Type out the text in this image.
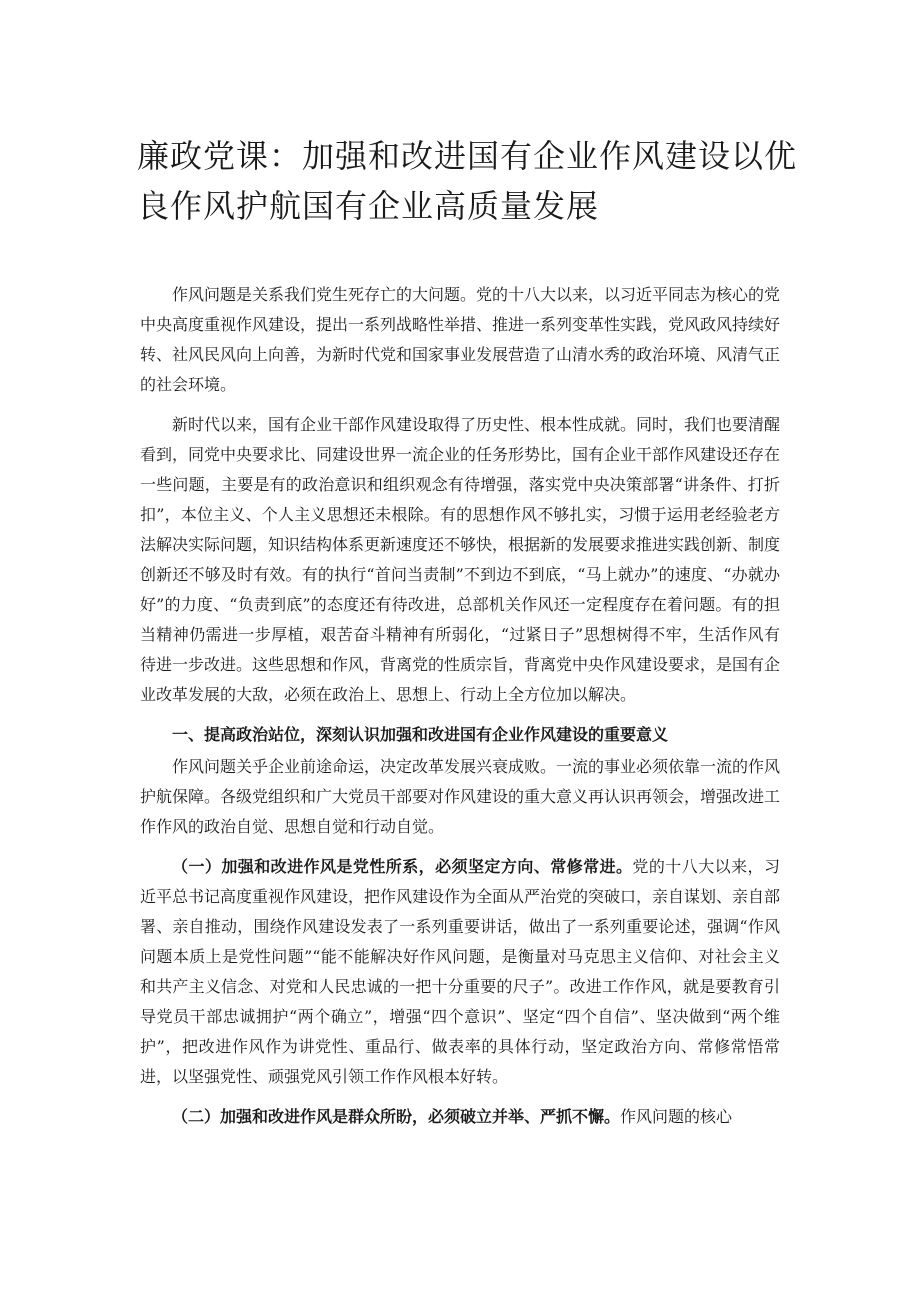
廉政党课：加强和改进国有企业作风建设以优良作风护航国有企业高质量发展

作风问题是关系我们党生死存亡的大问题。党的十八大以来，以习近平同志为核心的党中央高度重视作风建设，提出一系列战略性举措、推进一系列变革性实践，党风政风持续好转、社风民风向上向善，为新时代党和国家事业发展营造了山清水秀的政治环境、风清气正的社会环境。

新时代以来，国有企业干部作风建设取得了历史性、根本性成就。同时，我们也要清醒看到，同党中央要求比、同建设世界一流企业的任务形势比，国有企业干部作风建设还存在一些问题，主要是有的政治意识和组织观念有待增强，落实党中央决策部署“讲条件、打折扣”，本位主义、个人主义思想还未根除。有的思想作风不够扎实，习惯于运用老经验老方法解决实际问题，知识结构体系更新速度还不够快，根据新的发展要求推进实践创新、制度创新还不够及时有效。有的执行“首问当责制”不到边不到底，“马上就办”的速度、“办就办好”的力度、“负责到底”的态度还有待改进，总部机关作风还一定程度存在着问题。有的担当精神仍需进一步厚植，艰苦奋斗精神有所弱化，“过紧日子”思想树得不牢，生活作风有待进一步改进。这些思想和作风，背离党的性质宗旨，背离党中央作风建设要求，是国有企业改革发展的大敌，必须在政治上、思想上、行动上全方位加以解决。

一、提高政治站位，深刻认识加强和改进国有企业作风建设的重要意义

作风问题关乎企业前途命运，决定改革发展兴衰成败。一流的事业必须依靠一流的作风护航保障。各级党组织和广大党员干部要对作风建设的重大意义再认识再领会，增强改进工作作风的政治自觉、思想自觉和行动自觉。

（一）加强和改进作风是党性所系，必须坚定方向、常修常进。党的十八大以来，习近平总书记高度重视作风建设，把作风建设作为全面从严治党的突破口，亲自谋划、亲自部署、亲自推动，围绕作风建设发表了一系列重要讲话，做出了一系列重要论述，强调“作风问题本质上是党性问题”“能不能解决好作风问题，是衡量对马克思主义信仰、对社会主义和共产主义信念、对党和人民忠诚的一把十分重要的尺子”。改进工作作风，就是要教育引导党员干部忠诚拥护“两个确立”，增强“四个意识”、坚定“四个自信”、坚决做到“两个维护”，把改进作风作为讲党性、重品行、做表率的具体行动，坚定政治方向、常修常悟常进，以坚强党性、顽强党风引领工作作风根本好转。

（二）加强和改进作风是群众所盼，必须破立并举、严抓不懈。作风问题的核心
